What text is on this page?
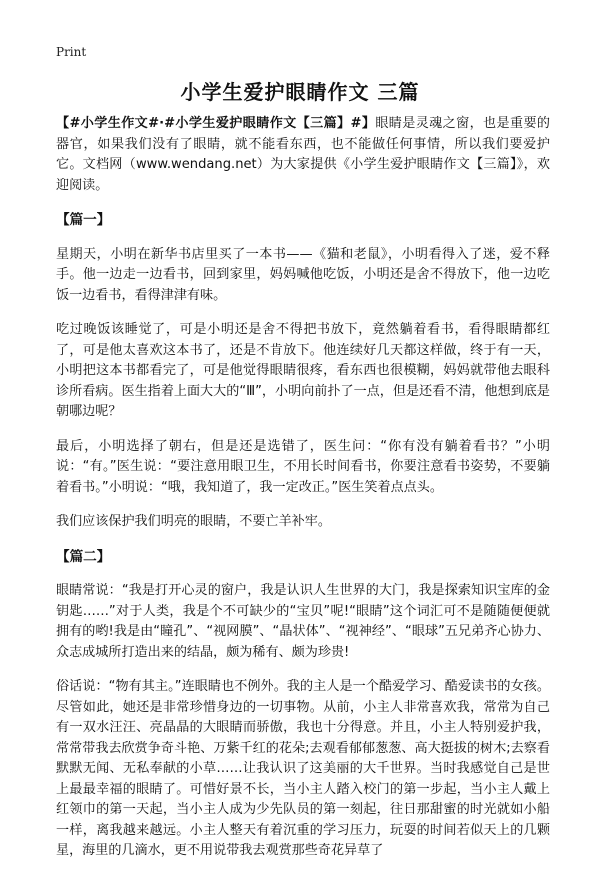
Print
小学生爱护眼睛作文 三篇

【#小学生作文#·#小学生爱护眼睛作文【三篇】#】眼睛是灵魂之窗，也是重要的器官，如果我们没有了眼睛，就不能看东西，也不能做任何事情，所以我们要爱护它。文档网（www.wendang.net）为大家提供《小学生爱护眼睛作文【三篇】》，欢迎阅读。

【篇一】

星期天，小明在新华书店里买了一本书——《猫和老鼠》，小明看得入了迷，爱不释手。他一边走一边看书，回到家里，妈妈喊他吃饭，小明还是舍不得放下，他一边吃饭一边看书，看得津津有味。

吃过晚饭该睡觉了，可是小明还是舍不得把书放下，竟然躺着看书，看得眼睛都红了，可是他太喜欢这本书了，还是不肯放下。他连续好几天都这样做，终于有一天，小明把这本书都看完了，可是他觉得眼睛很疼，看东西也很模糊，妈妈就带他去眼科诊所看病。医生指着上面大大的“Ⅲ”，小明向前扑了一点，但是还看不清，他想到底是朝哪边呢？

最后，小明选择了朝右，但是还是选错了，医生问：“你有没有躺着看书？”小明说：“有。”医生说：“要注意用眼卫生，不用长时间看书，你要注意看书姿势，不要躺着看书。”小明说：“哦，我知道了，我一定改正。”医生笑着点点头。

我们应该保护我们明亮的眼睛，不要亡羊补牢。

【篇二】

眼睛常说：“我是打开心灵的窗户，我是认识人生世界的大门，我是探索知识宝库的金钥匙……”对于人类，我是个不可缺少的“宝贝”呢!“眼睛”这个词汇可不是随随便便就拥有的哟!我是由“瞳孔”、“视网膜”、“晶状体”、“视神经”、“眼球”五兄弟齐心协力、众志成城所打造出来的结晶，颇为稀有、颇为珍贵!

俗话说：“物有其主。”连眼睛也不例外。我的主人是一个酷爱学习、酷爱读书的女孩。尽管如此，她还是非常珍惜身边的一切事物。从前，小主人非常喜欢我，常常为自己有一双水汪汪、亮晶晶的大眼睛而骄傲，我也十分得意。并且，小主人特别爱护我，常常带我去欣赏争奇斗艳、万紫千红的花朵;去观看郁郁葱葱、高大挺拔的树木;去察看默默无闻、无私奉献的小草……让我认识了这美丽的大千世界。当时我感觉自己是世上最最幸福的眼睛了。可惜好景不长，当小主人踏入校门的第一步起，当小主人戴上红领巾的第一天起，当小主人成为少先队员的第一刻起，往日那甜蜜的时光就如小船一样，离我越来越远。小主人整天有着沉重的学习压力，玩耍的时间若似天上的几颗星，海里的几滴水，更不用说带我去观赏那些奇花异草了
